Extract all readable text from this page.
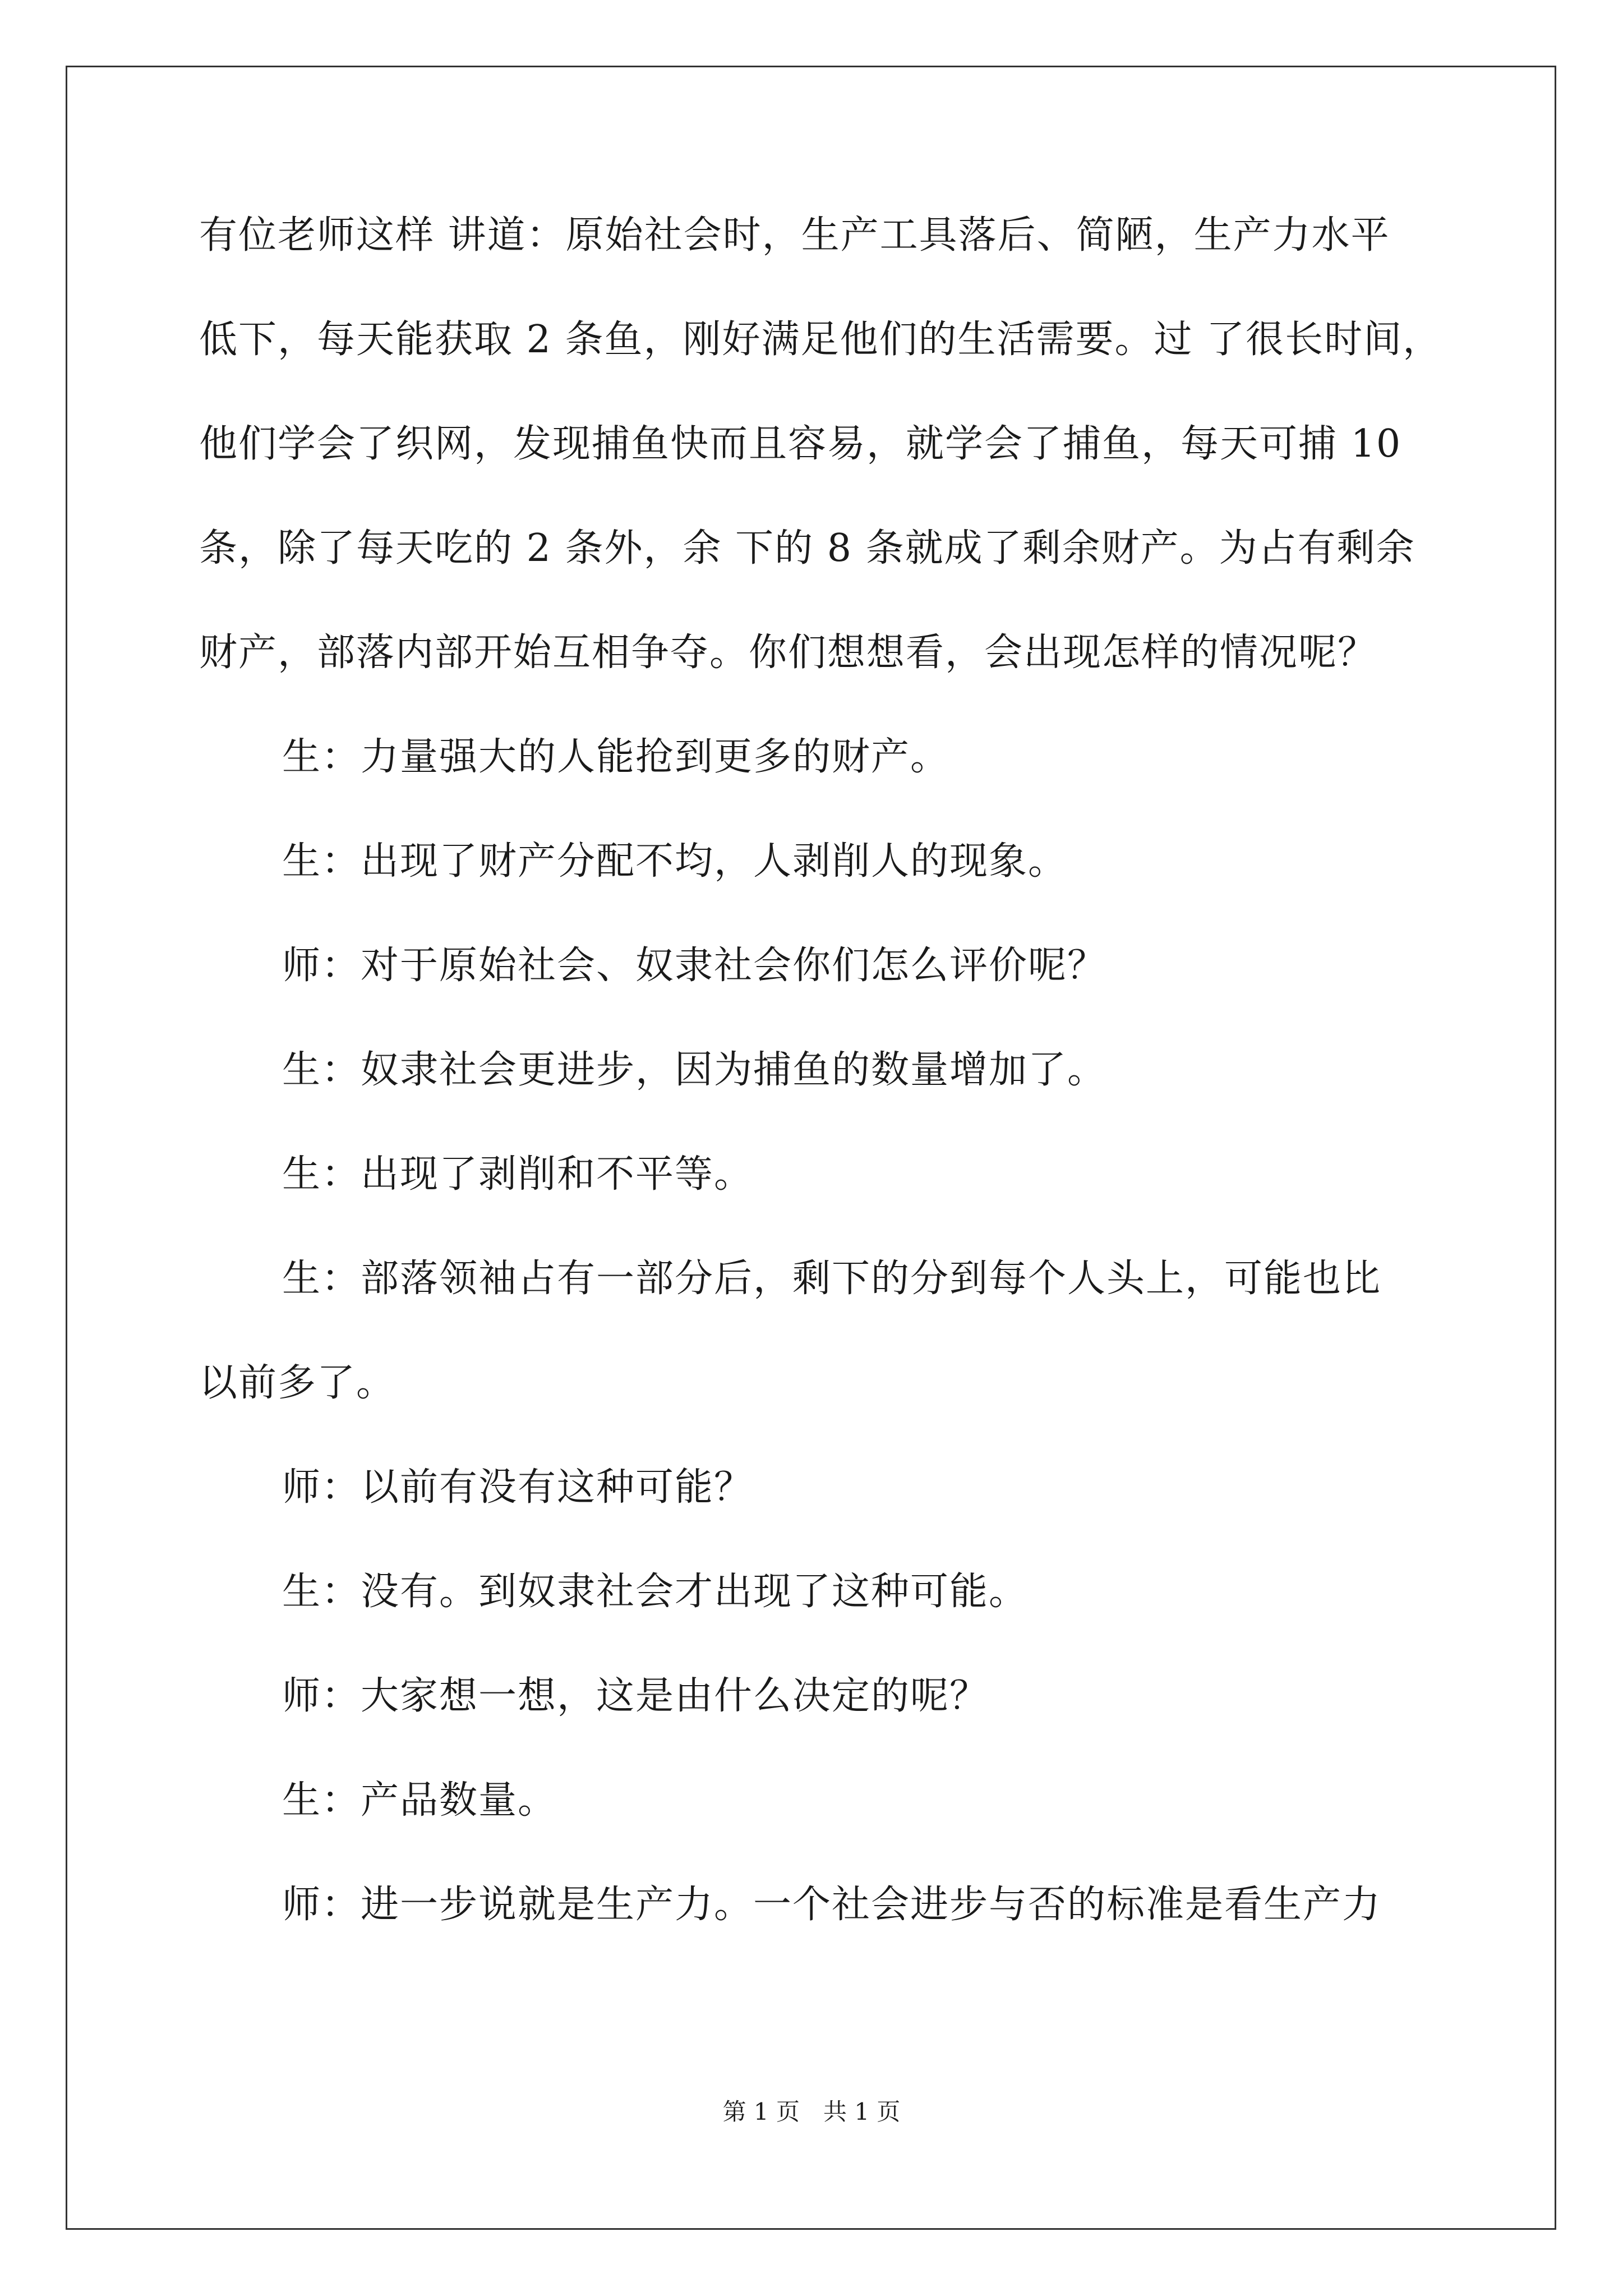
有位老师这样 讲道：原始社会时，生产工具落后、简陋，生产力水平
低下，每天能获取 2 条鱼，刚好满足他们的生活需要。过 了很长时间，
他们学会了织网，发现捕鱼快而且容易，就学会了捕鱼，每天可捕 10
条，除了每天吃的 2 条外，余 下的 8 条就成了剩余财产。为占有剩余
财产，部落内部开始互相争夺。你们想想看，会出现怎样的情况呢？
生：力量强大的人能抢到更多的财产。
生：出现了财产分配不均，人剥削人的现象。
师：对于原始社会、奴隶社会你们怎么评价呢？
生：奴隶社会更进步，因为捕鱼的数量增加了。
生：出现了剥削和不平等。
生：部落领袖占有一部分后，剩下的分到每个人头上，可能也比
以前多了。
师：以前有没有这种可能？
生：没有。到奴隶社会才出现了这种可能。
师：大家想一想，这是由什么决定的呢？
生：产品数量。
师：进一步说就是生产力。一个社会进步与否的标准是看生产力
第 1 页　共 1 页
